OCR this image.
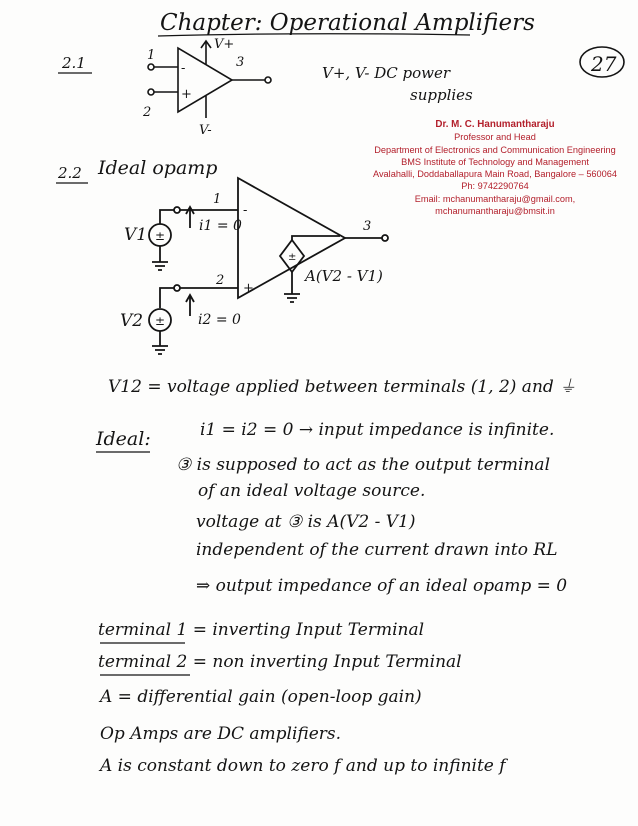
Chapter: Operational Amplifiers
27
2.1	-
+
1
2
3
V+
V-
V+, V- DC power
supplies
2.2 Ideal opamp
±
±
±
-
+
1
2
3
V1
V2
i1 = 0
i2 = 0
A(V2 - V1)
Dr. M. C. Hanumantharaju
Professor and Head
Department of Electronics and Communication Engineering
BMS Institute of Technology and Management
Avalahalli, Doddaballapura Main Road, Bangalore – 560064
Ph: 9742290764
Email: mchanumantharaju@gmail.com,
mchanumantharaju@bmsit.in
V12 = voltage applied between terminals (1, 2) and ⏚
Ideal:	i1 = i2 = 0 → input impedance is infinite.
③ is supposed to act as the output terminal
of an ideal voltage source.
voltage at ③ is A(V2 - V1)
independent of the current drawn into RL
⇒ output impedance of an ideal opamp = 0
terminal 1 = inverting Input Terminal
terminal 2 = non inverting Input Terminal
A = differential gain (open-loop gain)
Op Amps are DC amplifiers.
A is constant down to zero f and up to infinite f
